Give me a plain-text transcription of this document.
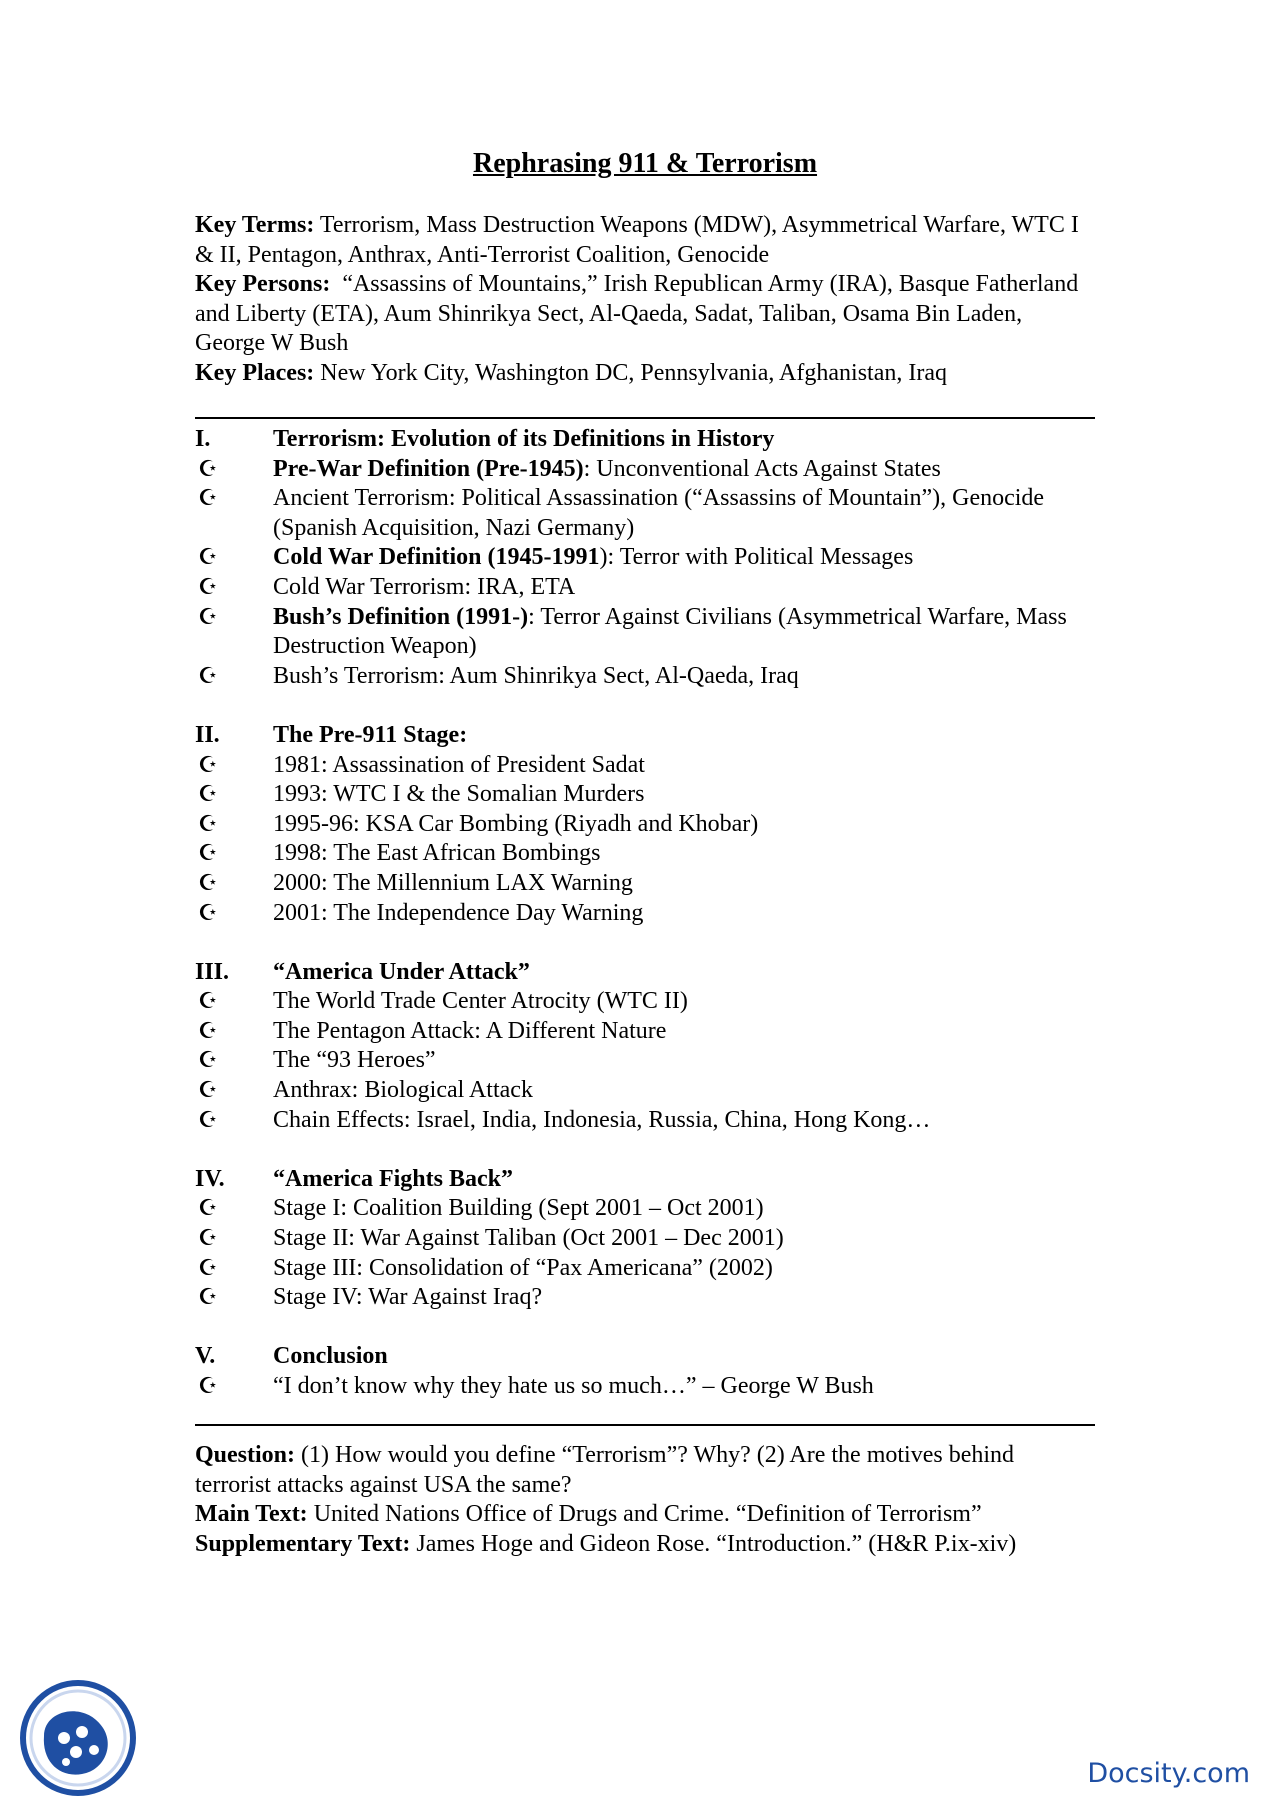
Rephrasing 911 & Terrorism

Key Terms: Terrorism, Mass Destruction Weapons (MDW), Asymmetrical Warfare, WTC I & II, Pentagon, Anthrax, Anti-Terrorist Coalition, Genocide

Key Persons: “Assassins of Mountains,” Irish Republican Army (IRA), Basque Fatherland and Liberty (ETA), Aum Shinrikya Sect, Al-Qaeda, Sadat, Taliban, Osama Bin Laden, George W Bush

Key Places: New York City, Washington DC, Pennsylvania, Afghanistan, Iraq

I.	Terrorism: Evolution of its Definitions in History
☪ Pre-War Definition (Pre-1945): Unconventional Acts Against States
☪ Ancient Terrorism: Political Assassination (“Assassins of Mountain”), Genocide (Spanish Acquisition, Nazi Germany)
☪ Cold War Definition (1945-1991): Terror with Political Messages
☪ Cold War Terrorism: IRA, ETA
☪ Bush’s Definition (1991-): Terror Against Civilians (Asymmetrical Warfare, Mass Destruction Weapon)
☪ Bush’s Terrorism: Aum Shinrikya Sect, Al-Qaeda, Iraq
II. The Pre-911 Stage:
☪ 1981: Assassination of President Sadat
☪ 1993: WTC I & the Somalian Murders
☪ 1995-96: KSA Car Bombing (Riyadh and Khobar)
☪ 1998: The East African Bombings
☪ 2000: The Millennium LAX Warning
☪ 2001: The Independence Day Warning
III. “America Under Attack”
☪ The World Trade Center Atrocity (WTC II)
☪ The Pentagon Attack: A Different Nature
☪ The “93 Heroes”
☪ Anthrax: Biological Attack
☪ Chain Effects: Israel, India, Indonesia, Russia, China, Hong Kong…
IV. “America Fights Back”
☪ Stage I: Coalition Building (Sept 2001 – Oct 2001)
☪ Stage II: War Against Taliban (Oct 2001 – Dec 2001)
☪ Stage III: Consolidation of “Pax Americana” (2002)
☪ Stage IV: War Against Iraq?
V. Conclusion
☪ “I don’t know why they hate us so much…” – George W Bush

Question: (1) How would you define “Terrorism”? Why? (2) Are the motives behind terrorist attacks against USA the same?

Main Text: United Nations Office of Drugs and Crime. “Definition of Terrorism”

Supplementary Text: James Hoge and Gideon Rose. “Introduction.” (H&R P.ix-xiv)

Docsity.com
